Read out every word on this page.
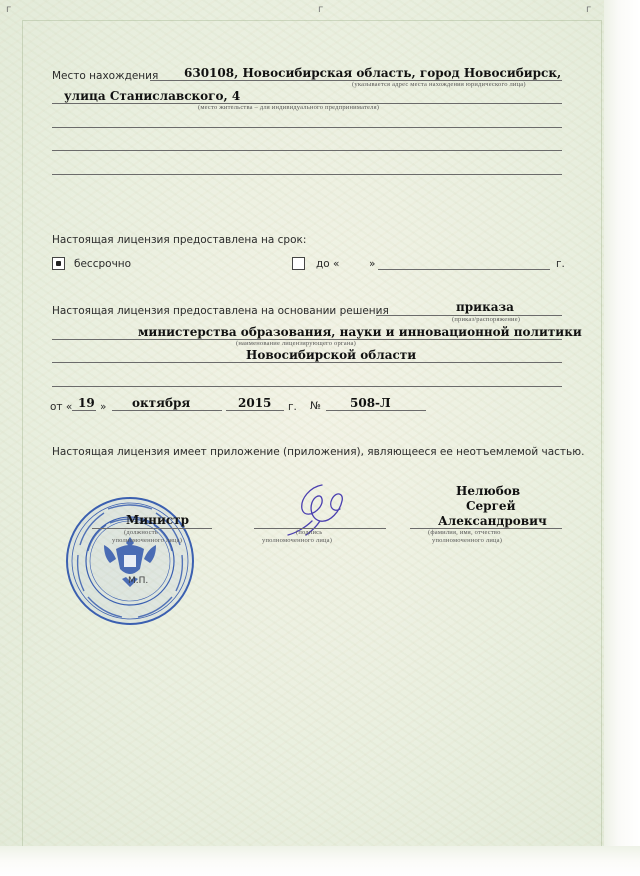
г	г	г
Место нахождения 630108, Новосибирская область, город Новосибирск,
(указывается адрес места нахождения юридического лица)
улица Станиславского, 4
(место жительства – для индивидуального предпринимателя)
Настоящая лицензия предоставлена на срок:
бессрочно	до «	»	г.
Настоящая лицензия предоставлена на основании решения	приказа
(приказ/распоряжение)
министерства образования, науки и инновационной политики
(наименование лицензирующего органа)
Новосибирской области
от « 19 » октября	2015 г. № 508-Л
Настоящая лицензия имеет приложение (приложения), являющееся ее неотъемлемой частью.
М.П.
Министр
(должность
уполномоченного лица)
(подпись
уполномоченного лица)
Нелюбов
Сергей
Александрович
(фамилия, имя, отчество
уполномоченного лица)
